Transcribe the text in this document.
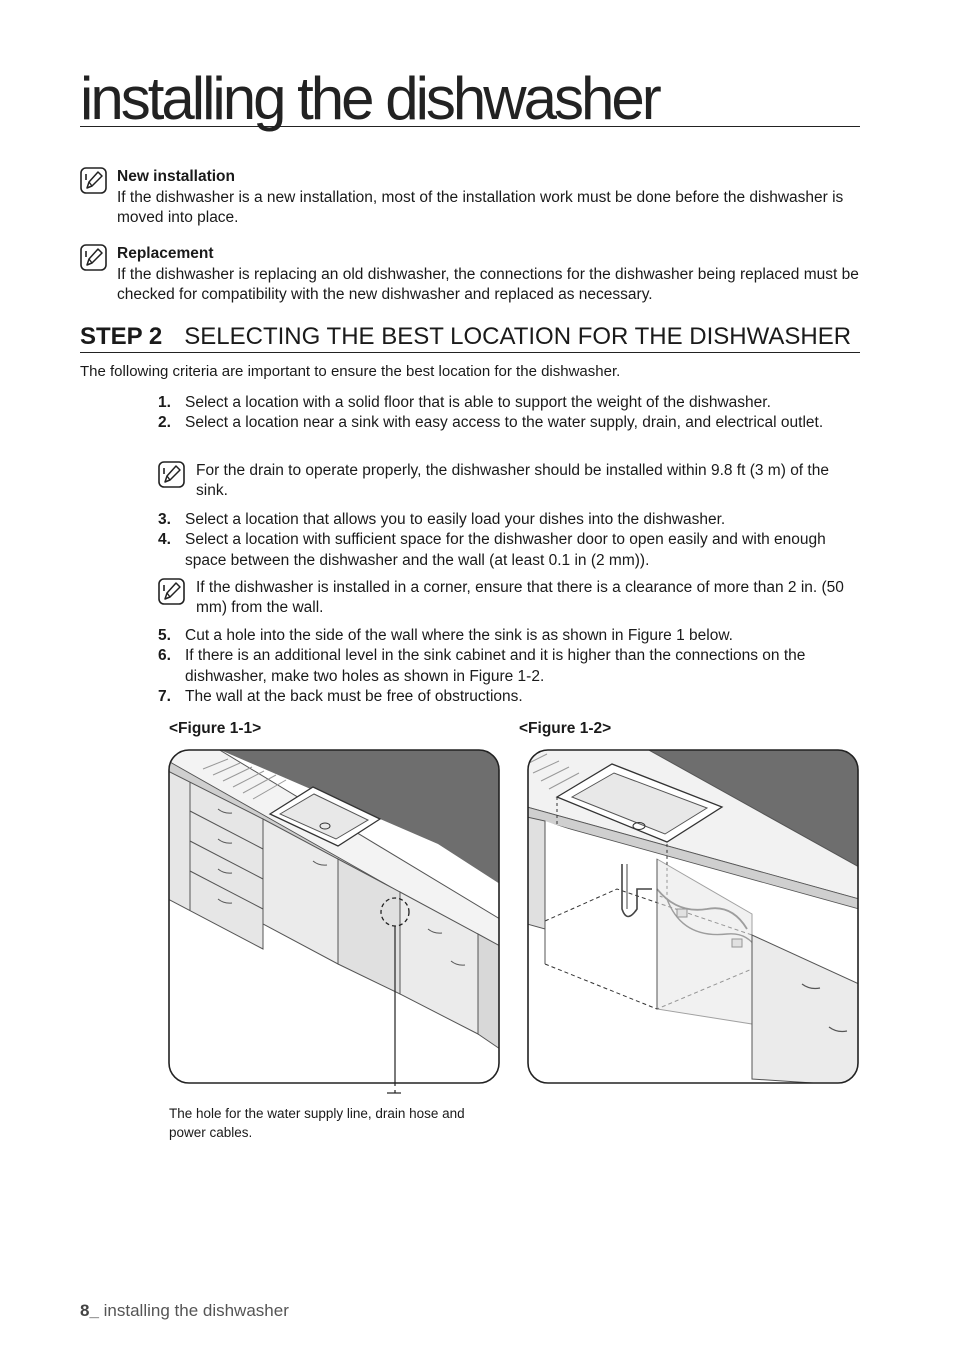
installing the dishwasher
New installation
If the dishwasher is a new installation, most of the installation work must be done before the dishwasher is moved into place.
Replacement
If the dishwasher is replacing an old dishwasher, the connections for the dishwasher being replaced must be checked for compatibility with the new dishwasher and replaced as necessary.
STEP 2 SELECTING THE BEST LOCATION FOR THE DISHWASHER

The following criteria are important to ensure the best location for the dishwasher.

1. Select a location with a solid floor that is able to support the weight of the dishwasher.
2. Select a location near a sink with easy access to the water supply, drain, and electrical outlet.
For the drain to operate properly, the dishwasher should be installed within 9.8 ft (3 m) of the sink.
3. Select a location that allows you to easily load your dishes into the dishwasher.
4. Select a location with sufficient space for the dishwasher door to open easily and with enough space between the dishwasher and the wall (at least 0.1 in (2 mm)).
If the dishwasher is installed in a corner, ensure that there is a clearance of more than 2 in. (50 mm) from the wall.
5. Cut a hole into the side of the wall where the sink is as shown in Figure 1 below.
6. If there is an additional level in the sink cabinet and it is higher than the connections on the dishwasher, make two holes as shown in Figure 1-2.
7. The wall at the back must be free of obstructions.
<Figure 1-1>	<Figure 1-2>

The hole for the water supply line, drain hose and power cables.

8_ installing the dishwasher
